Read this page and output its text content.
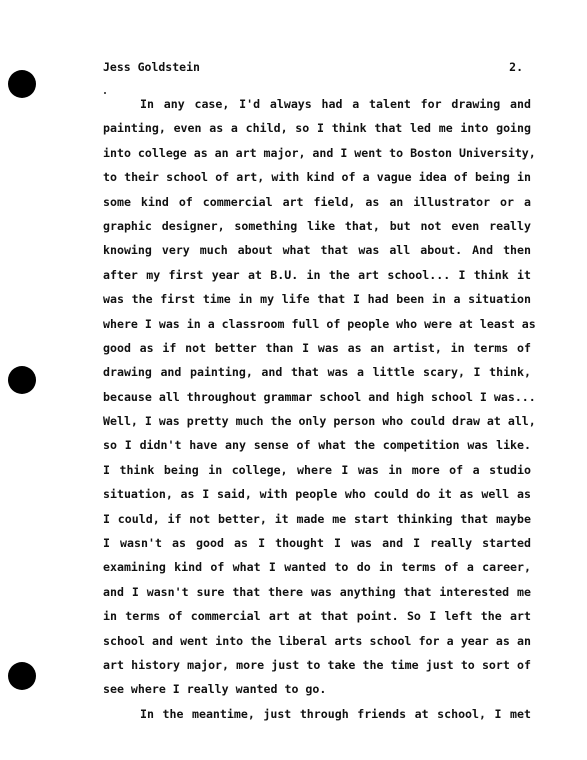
Jess Goldstein	2.
In any case, I'd always had a talent for drawing and
painting, even as a child, so I think that led me into going
into college as an art major, and I went to Boston University,
to their school of art, with kind of a vague idea of being in
some kind of commercial art field, as an illustrator or a
graphic designer, something like that, but not even really
knowing very much about what that was all about. And then
after my first year at B.U. in the art school... I think it
was the first time in my life that I had been in a situation
where I was in a classroom full of people who were at least as
good as if not better than I was as an artist, in terms of
drawing and painting, and that was a little scary, I think,
because all throughout grammar school and high school I was...
Well, I was pretty much the only person who could draw at all,
so I didn't have any sense of what the competition was like.
I think being in college, where I was in more of a studio
situation, as I said, with people who could do it as well as
I could, if not better, it made me start thinking that maybe
I wasn't as good as I thought I was and I really started
examining kind of what I wanted to do in terms of a career,
and I wasn't sure that there was anything that interested me
in terms of commercial art at that point. So I left the art
school and went into the liberal arts school for a year as an
art history major, more just to take the time just to sort of
see where I really wanted to go.
In the meantime, just through friends at school, I met
